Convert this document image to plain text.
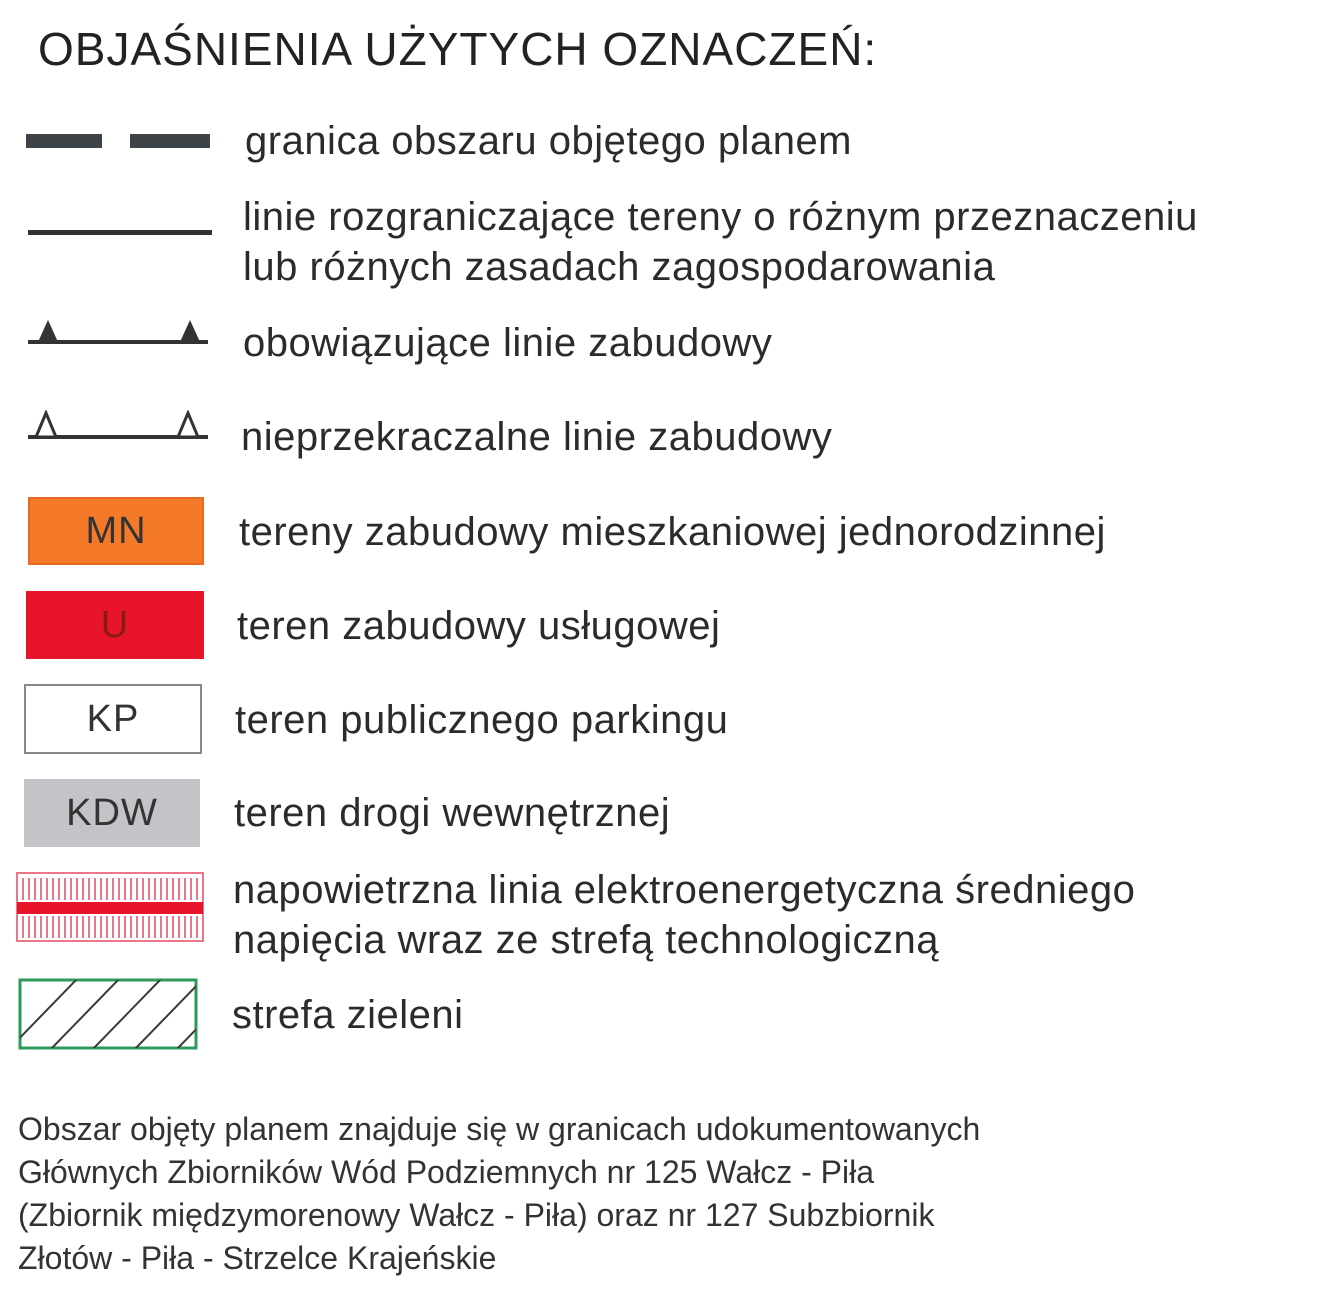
OBJAŚNIENIA UŻYTYCH OZNACZEŃ:
granica obszaru objętego planem
linie rozgraniczające tereny o różnym przeznaczeniu
lub różnych zasadach zagospodarowania
obowiązujące linie zabudowy
nieprzekraczalne linie zabudowy
MN tereny zabudowy mieszkaniowej jednorodzinnej
U	teren zabudowy usługowej
KP teren publicznego parkingu
KDW teren drogi wewnętrznej
napowietrzna linia elektroenergetyczna średniego
napięcia wraz ze strefą technologiczną
strefa zieleni
Obszar objęty planem znajduje się w granicach udokumentowanych
Głównych Zbiorników Wód Podziemnych nr 125 Wałcz - Piła
(Zbiornik międzymorenowy Wałcz - Piła) oraz nr 127 Subzbiornik
Złotów - Piła - Strzelce Krajeńskie
